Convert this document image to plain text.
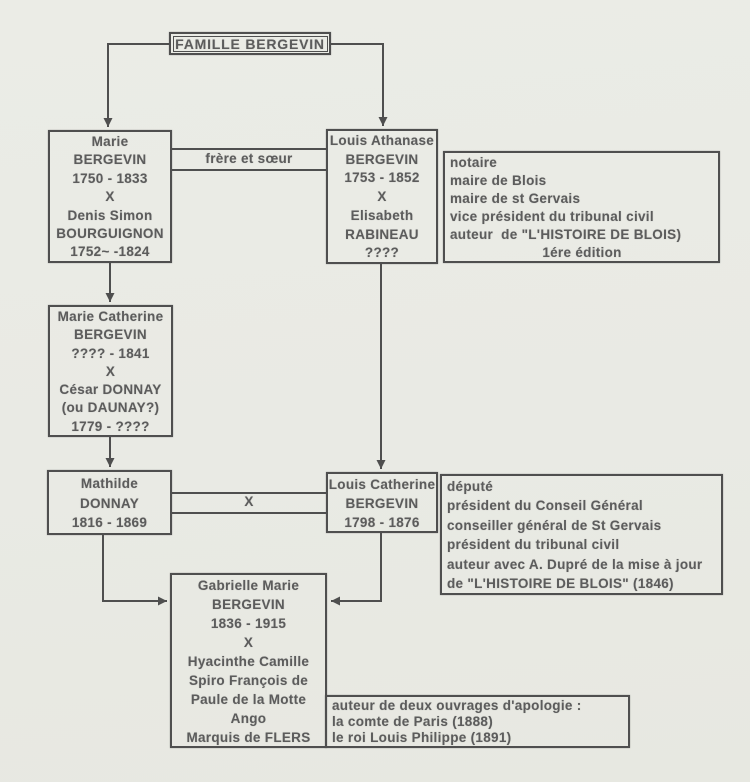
FAMILLE BERGEVIN
frère et sœur
X
Marie
BERGEVIN
1750 - 1833
X
Denis Simon
BOURGUIGNON
1752~ -1824
Louis Athanase
BERGEVIN
1753 - 1852
X
Elisabeth
RABINEAU
????
notaire
maire de Blois
maire de st Gervais
vice président du tribunal civil
auteur  de "L'HISTOIRE DE BLOIS)
1ére édition
Marie Catherine
BERGEVIN
???? - 1841
X
César DONNAY
(ou DAUNAY?)
1779 - ????
Mathilde
DONNAY
1816 - 1869
Louis Catherine
BERGEVIN
1798 - 1876
député
président du Conseil Général
conseiller général de St Gervais
président du tribunal civil
auteur avec A. Dupré de la mise à jour
de "L'HISTOIRE DE BLOIS" (1846)
Gabrielle Marie
BERGEVIN
1836 - 1915
X
Hyacinthe Camille
Spiro François de
Paule de la Motte
Ango
Marquis de FLERS
auteur de deux ouvrages d'apologie :
la comte de Paris (1888)
le roi Louis Philippe (1891)
